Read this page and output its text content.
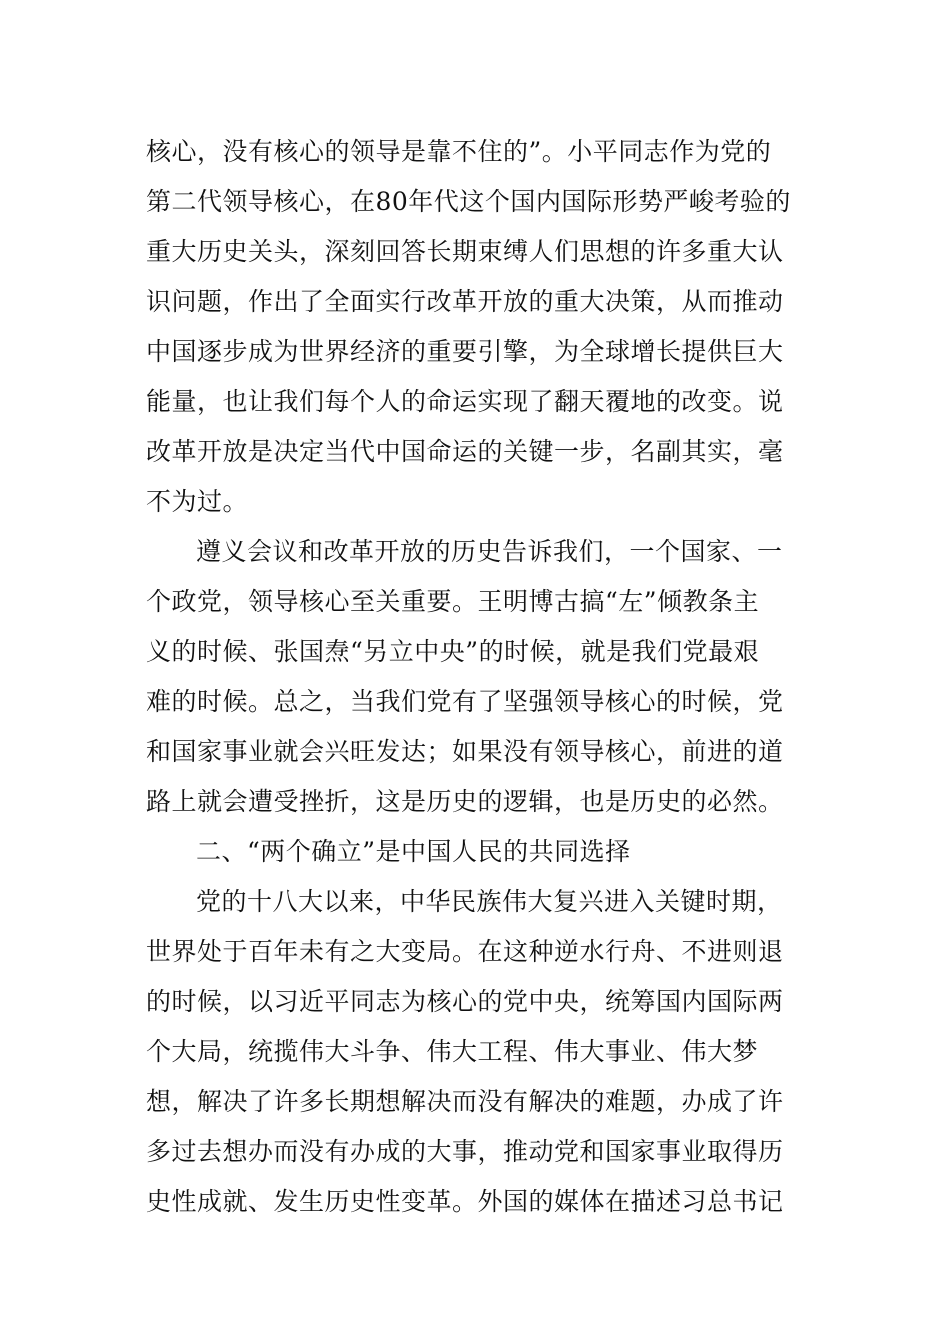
核心，没有核心的领导是靠不住的”。小平同志作为党的
第二代领导核心，在80年代这个国内国际形势严峻考验的
重大历史关头，深刻回答长期束缚人们思想的许多重大认
识问题，作出了全面实行改革开放的重大决策，从而推动
中国逐步成为世界经济的重要引擎，为全球增长提供巨大
能量，也让我们每个人的命运实现了翻天覆地的改变。说
改革开放是决定当代中国命运的关键一步，名副其实，毫
不为过。
遵义会议和改革开放的历史告诉我们，一个国家、一
个政党，领导核心至关重要。王明博古搞“左”倾教条主
义的时候、张国焘“另立中央”的时候，就是我们党最艰
难的时候。总之，当我们党有了坚强领导核心的时候，党
和国家事业就会兴旺发达；如果没有领导核心，前进的道
路上就会遭受挫折，这是历史的逻辑，也是历史的必然。
二、“两个确立”是中国人民的共同选择
党的十八大以来，中华民族伟大复兴进入关键时期，
世界处于百年未有之大变局。在这种逆水行舟、不进则退
的时候，以习近平同志为核心的党中央，统筹国内国际两
个大局，统揽伟大斗争、伟大工程、伟大事业、伟大梦
想，解决了许多长期想解决而没有解决的难题，办成了许
多过去想办而没有办成的大事，推动党和国家事业取得历
史性成就、发生历史性变革。外国的媒体在描述习总书记
